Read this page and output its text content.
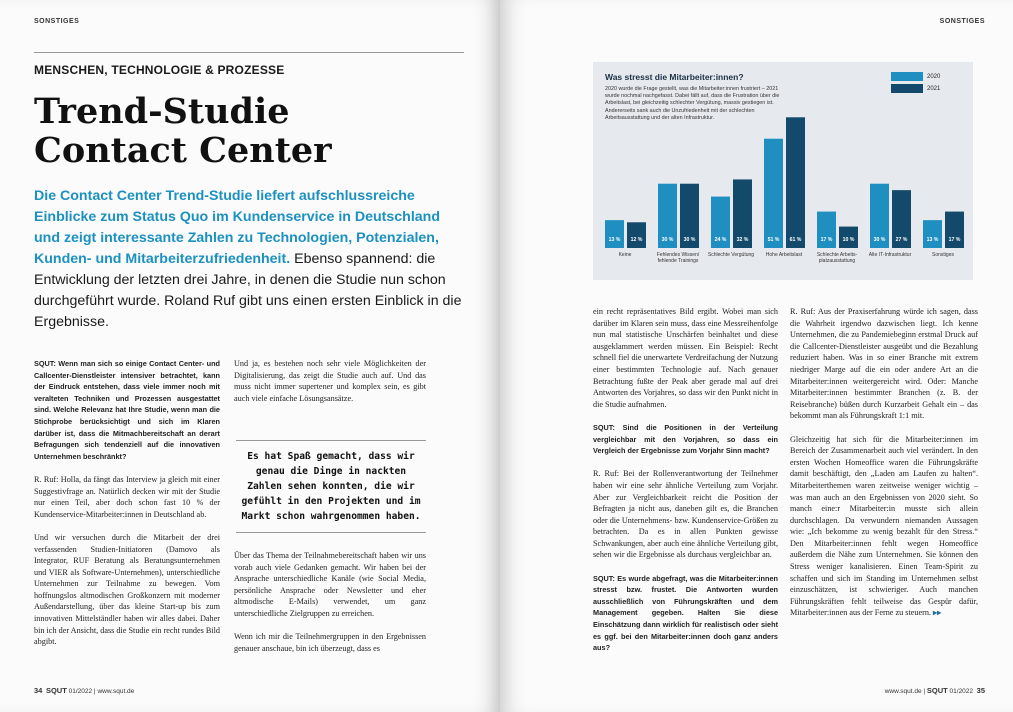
SONSTIGES
MENSCHEN, TECHNOLOGIE & PROZESSE
Trend-Studie
Contact Center
Die Contact Center Trend-Studie liefert aufschlussreiche Einblicke zum Status Quo im Kundenservice in Deutschland und zeigt interessante Zahlen zu Technologien, Potenzialen, Kunden- und Mitarbeiterzufriedenheit. Ebenso spannend: die Entwicklung der letzten drei Jahre, in denen die Studie nun schon durchgeführt wurde. Roland Ruf gibt uns einen ersten Einblick in die Ergebnisse.

SQUT: Wenn man sich so einige Contact Center- und Callcenter-Dienstleister intensiver betrachtet, kann der Eindruck entstehen, dass viele immer noch mit veralteten Techniken und Prozessen ausgestattet sind. Welche Relevanz hat Ihre Studie, wenn man die Stichprobe berücksichtigt und sich im Klaren darüber ist, dass die Mitmachbereitschaft an derart Befragungen sich tendenziell auf die innovativen Unternehmen beschränkt?

R. Ruf: Holla, da fängt das Interview ja gleich mit einer Suggestivfrage an. Natürlich decken wir mit der Studie nur einen Teil, aber doch schon fast 10 % der Kundenservice-Mitarbeiter:innen in Deutschland ab.

Und wir versuchen durch die Mitarbeit der drei verfassenden Studien-Initiatoren (Damovo als Integrator, RUF Beratung als Beratungsunternehmen und VIER als Software-Unternehmen), unterschiedliche Unternehmen zur Teilnahme zu bewegen. Vom hoffnungslos altmodischen Großkonzern mit moderner Außendarstellung, über das kleine Start-up bis zum innovativen Mittelständler haben wir alles dabei. Daher bin ich der Ansicht, dass die Studie ein recht rundes Bild abgibt.

Und ja, es bestehen noch sehr viele Möglichkeiten der Digitalisierung, das zeigt die Studie auch auf. Und das muss nicht immer supertener und komplex sein, es gibt auch viele einfache Lösungsansätze.

Es hat Spaß gemacht, dass wir genau die Dinge in nackten Zahlen sehen konnten, die wir gefühlt in den Projekten und im Markt schon wahrgenommen haben.

Über das Thema der Teilnahmebereitschaft haben wir uns vorab auch viele Gedanken gemacht. Wir haben bei der Ansprache unterschiedliche Kanäle (wie Social Media, persönliche Ansprache oder Newsletter und eher altmodische E-Mails) verwendet, um ganz unterschiedliche Zielgruppen zu erreichen.

Wenn ich mir die Teilnehmergruppen in den Ergebnissen genauer anschaue, bin ich überzeugt, dass es

34 SQUT 01/2022 | www.squt.de
SONSTIGES
Was stresst die Mitarbeiter:innen?
2020 wurde die Frage gestellt, was die Mitarbeiter:innen frustriert – 2021 wurde nochmal nachgefasst. Dabei fällt auf, dass die Frustration über die Arbeitslast, bei gleichzeitig schlechter Vergütung, massiv gestiegen ist. Andererseits sank auch die Unzufriedenheit mit der schlechten Arbeitsausstattung und der alten Infrastruktur.
2020
2021
13 % 12 %	30 % 30 %	24 % 32 %	51 % 61 %	17 % 10 %	30 % 27 %	13 % 17 %
Keine	Fehlendes Wissen/ fehlende Trainings
Schlechte Vergütung	Hohe Arbeitslast	Schlechte Arbeits- platzausstattung
Alte IT-Infrastruktur	Sonstiges

ein recht repräsentatives Bild ergibt. Wobei man sich darüber im Klaren sein muss, dass eine Messreihenfolge nun mal statistische Unschärfen beinhaltet und diese ausgeklammert werden müssen. Ein Beispiel: Recht schnell fiel die unerwartete Verdreifachung der Nutzung einer bestimmten Technologie auf. Nach genauer Betrachtung fußte der Peak aber gerade mal auf drei Antworten des Vorjahres, so dass wir den Punkt nicht in die Studie aufnahmen.

SQUT: Sind die Positionen in der Verteilung vergleichbar mit den Vorjahren, so dass ein Vergleich der Ergebnisse zum Vorjahr Sinn macht?

R. Ruf: Bei der Rollenverantwortung der Teilnehmer haben wir eine sehr ähnliche Verteilung zum Vorjahr. Aber zur Vergleichbarkeit reicht die Position der Befragten ja nicht aus, daneben gilt es, die Branchen oder die Unternehmens- bzw. Kundenservice-Größen zu betrachten. Da es in allen Punkten gewisse Schwankungen, aber auch eine ähnliche Verteilung gibt, sehen wir die Ergebnisse als durchaus vergleichbar an.

SQUT: Es wurde abgefragt, was die Mitarbeiter:innen stresst bzw. frustet. Die Antworten wurden ausschließlich von Führungskräften und dem Management gegeben. Halten Sie diese Einschätzung dann wirklich für realistisch oder sieht es ggf. bei den Mitarbeiter:innen doch ganz anders aus?

R. Ruf: Aus der Praxiserfahrung würde ich sagen, dass die Wahrheit irgendwo dazwischen liegt. Ich kenne Unternehmen, die zu Pandemiebeginn erstmal Druck auf die Callcenter-Dienstleister ausgeübt und die Bezahlung reduziert haben. Was in so einer Branche mit extrem niedriger Marge auf die ein oder andere Art an die Mitarbeiter:innen weitergereicht wird. Oder: Manche Mitarbeiter:innen bestimmter Branchen (z. B. der Reisebranche) büßen durch Kurzarbeit Gehalt ein – das bekommt man als Führungskraft 1:1 mit.

Gleichzeitig hat sich für die Mitarbeiter:innen im Bereich der Zusammenarbeit auch viel verändert. In den ersten Wochen Homeoffice waren die Führungskräfte damit beschäftigt, den „Laden am Laufen zu halten“. Mitarbeiterthemen waren zeitweise weniger wichtig – was man auch an den Ergebnissen von 2020 sieht. So manch eine:r Mitarbeiter:in musste sich allein durchschlagen. Da verwundern niemanden Aussagen wie: „Ich bekomme zu wenig bezahlt für den Stress.“ Den Mitarbeiter:innen fehlt wegen Homeoffice außerdem die Nähe zum Unternehmen. Sie können den Stress weniger kanalisieren. Einen Team-Spirit zu schaffen und sich im Standing im Unternehmen selbst einzuschätzen, ist schwieriger. Auch manchen Führungskräften fehlt teilweise das Gespür dafür, Mitarbeiter:innen aus der Ferne zu steuern. ▸▸

www.squt.de | SQUT 01/2022 35
